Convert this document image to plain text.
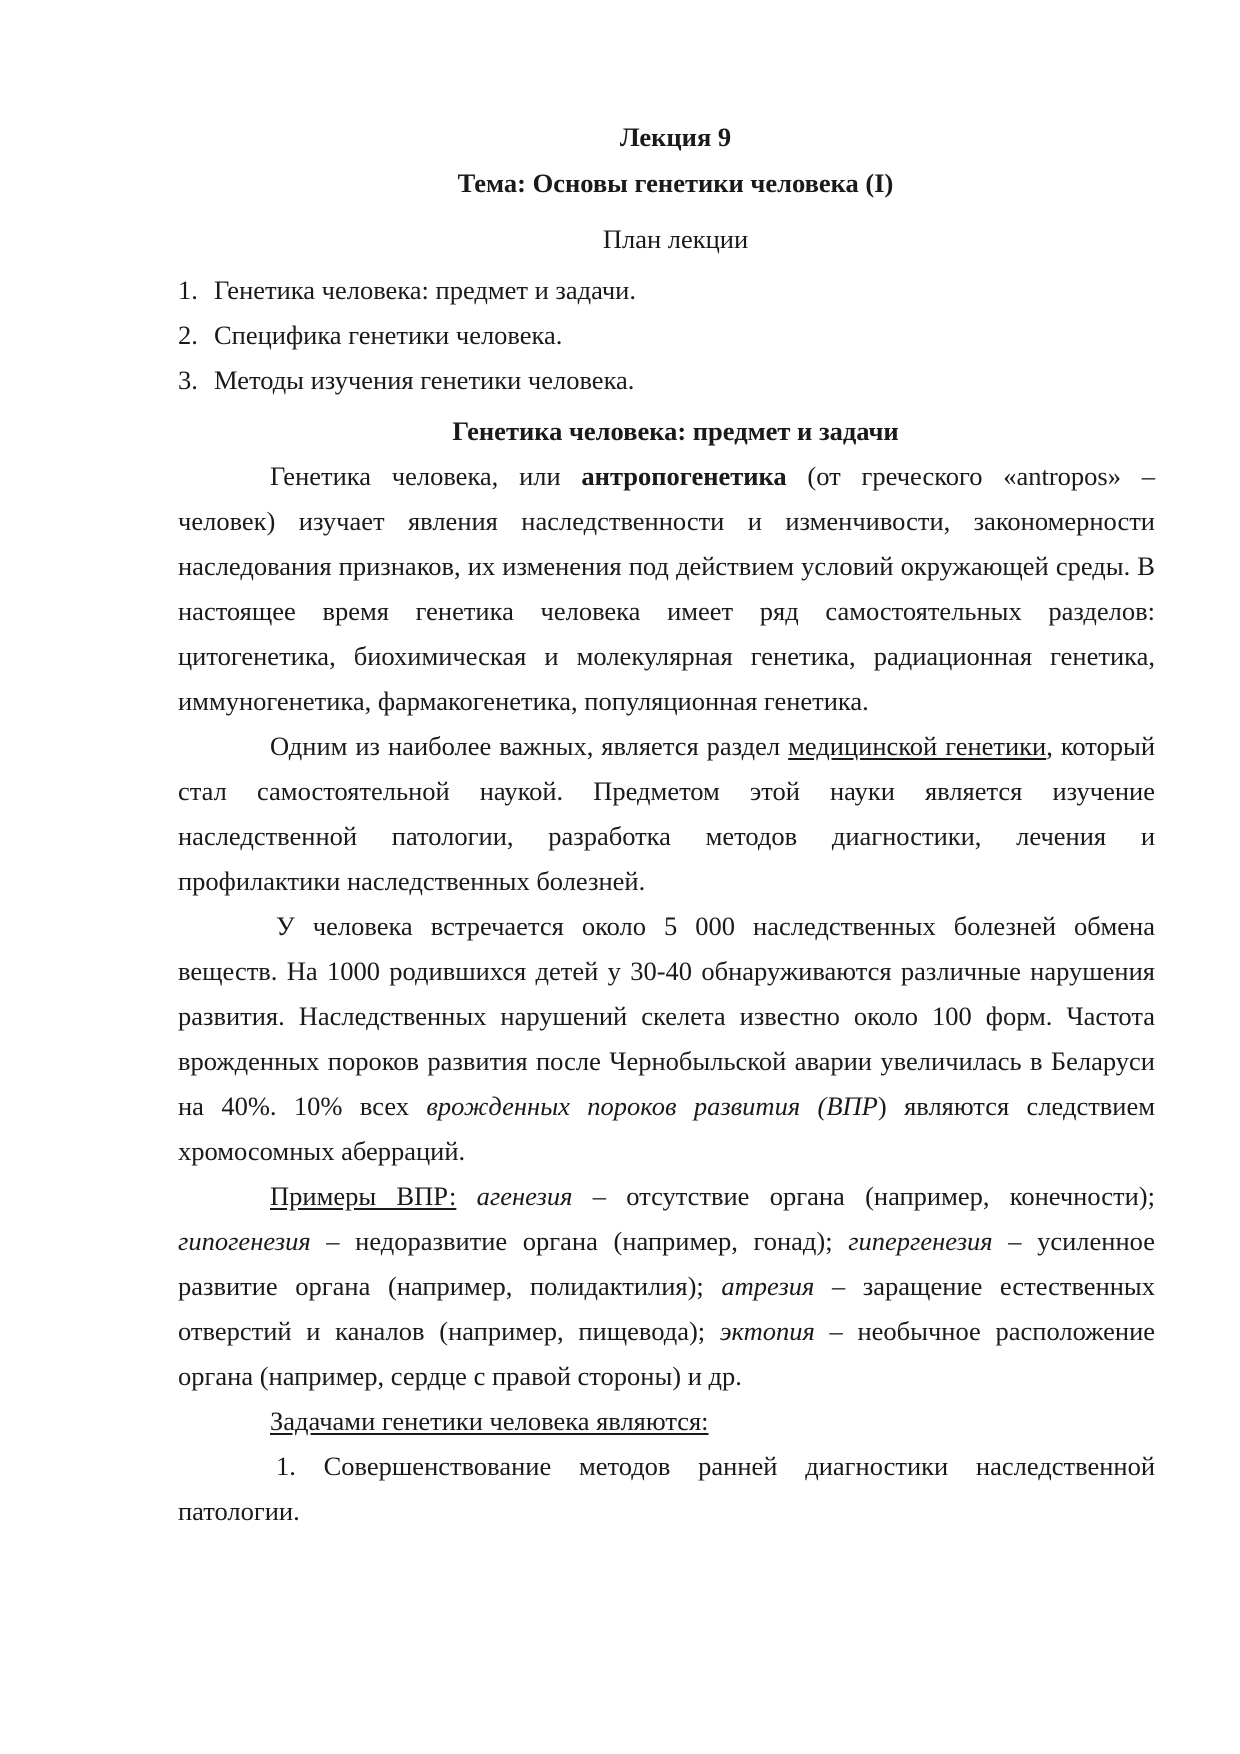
Лекция 9
Тема: Основы генетики человека (I)
План лекции
1. Генетика человека: предмет и задачи.
2. Специфика генетики человека.
3. Методы изучения генетики человека.
Генетика человека: предмет и задачи

Генетика человека, или антропогенетика (от греческого «antropos» – человек) изучает явления наследственности и изменчивости, закономерности наследования признаков, их изменения под действием условий окружающей среды. В настоящее время генетика человека имеет ряд самостоятельных разделов: цитогенетика, биохимическая и молекулярная генетика, радиационная генетика, иммуногенетика, фармакогенетика, популяционная генетика.

Одним из наиболее важных, является раздел медицинской генетики, который стал самостоятельной наукой. Предметом этой науки является изучение наследственной патологии, разработка методов диагностики, лечения и профилактики наследственных болезней.

У человека встречается около 5 000 наследственных болезней обмена веществ. На 1000 родившихся детей у 30-40 обнаруживаются различные нарушения развития. Наследственных нарушений скелета известно около 100 форм. Частота врожденных пороков развития после Чернобыльской аварии увеличилась в Беларуси на 40%. 10% всех врожденных пороков развития (ВПР) являются следствием хромосомных аберраций.

Примеры ВПР: агенезия – отсутствие органа (например, конечности); гипогенезия – недоразвитие органа (например, гонад); гипергенезия – усиленное развитие органа (например, полидактилия); атрезия – заращение естественных отверстий и каналов (например, пищевода); эктопия – необычное расположение органа (например, сердце с правой стороны) и др.

Задачами генетики человека являются:

1. Совершенствование методов ранней диагностики наследственной патологии.
